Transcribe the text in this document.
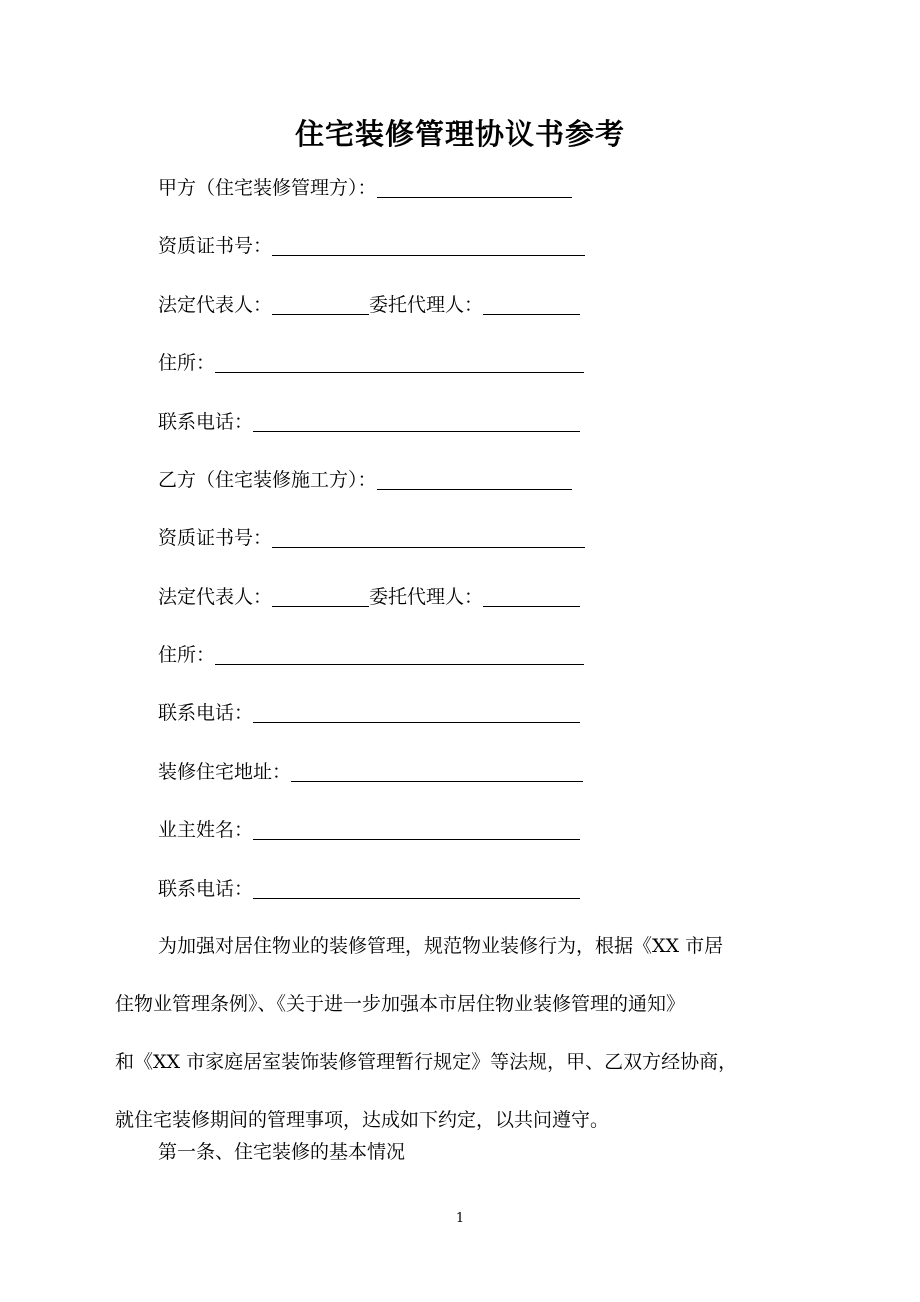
住宅装修管理协议书参考
甲方（住宅装修管理方）：
资质证书号：
法定代表人：	委托代理人：
住所：
联系电话：
乙方（住宅装修施工方）：
资质证书号：
法定代表人：	委托代理人：
住所：
联系电话：
装修住宅地址：
业主姓名：
联系电话：
为加强对居住物业的装修管理，规范物业装修行为，根据《XX 市居
住物业管理条例》、《关于进一步加强本市居住物业装修管理的通知》
和《XX 市家庭居室装饰装修管理暂行规定》等法规，甲、乙双方经协商，
就住宅装修期间的管理事项，达成如下约定，以共问遵守。
第一条、住宅装修的基本情况
1
